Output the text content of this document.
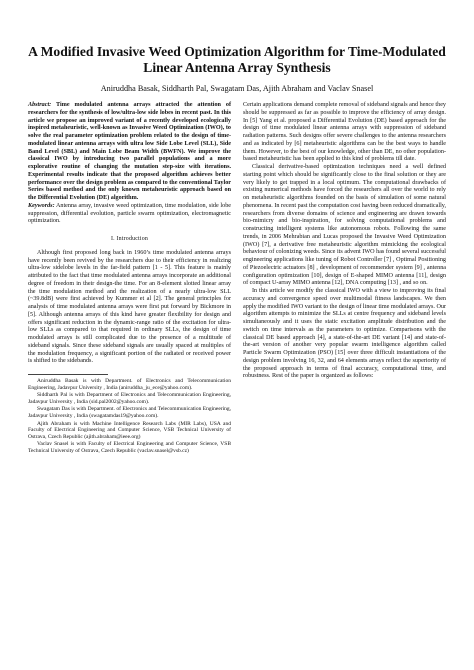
A Modified Invasive Weed Optimization Algorithm for Time-Modulated Linear Antenna Array Synthesis
Aniruddha Basak, Siddharth Pal, Swagatam Das, Ajith Abraham and Vaclav Snasel

Abstract: Time modulated antenna arrays attracted the attention of researchers for the synthesis of low/ultra-low side lobes in recent past. In this article we propose an improved variant of a recently developed ecologically inspired metaheuristic, well-known as Invasive Weed Optimization (IWO), to solve the real parameter optimization problem related to the design of time-modulated linear antenna arrays with ultra low Side Lobe Level (SLL), Side Band Level (SBL) and Main Lobe Beam Width (BWFN). We improve the classical IWO by introducing two parallel populations and a more explorative routine of changing the mutation step-size with iterations. Experimental results indicate that the proposed algorithm achieves better performance over the design problem as compared to the conventional Taylor Series based method and the only known metaheuristic approach based on the Differential Evolution (DE) algorithm.

Keywords: Antenna array, invasive weed optimization, time modulation, side lobe suppression, differential evolution, particle swarm optimization, electromagnetic optimization.

I. Introduction

Although first proposed long back in 1960’s time modulated antenna arrays have recently been revived by the researchers due to their efficiency in realizing ultra-low sidelobe levels in the far-field pattern [1 - 5]. This feature is mainly attributed to the fact that time modulated antenna arrays incorporate an additional degree of freedom in their design-the time. For an 8-element slotted linear array the time modulation method and the realization of a nearly ultra-low SLL (~39.8dB) were first achieved by Kummer et al [2]. The general principles for analysis of time modulated antenna arrays were first put forward by Bickmore in [5]. Although antenna arrays of this kind have greater flexibility for design and offers significant reduction in the dynamic-range ratio of the excitation for ultra-low SLLs as compared to that required in ordinary SLLs, the design of time modulated arrays is still complicated due to the presence of a multitude of sideband signals. Since these sideband signals are usually spaced at multiples of the modulation frequency, a significant portion of the radiated or received power is shifted to the sidebands.

Aniruddha Basak is with Department. of Electronics and Telecommunication Engineering, Jadavpur University , India (aniruddha_ju_ece@yahoo.com).

Siddharth Pal is with Department of Electronics and Telecommunication Engineering, Jadavpur University , India (sid.pal2002@yahoo.com).

Swagatam Das is with Department. of Electronics and Telecommunication Engineering, Jadavpur University , India (swagatamdas19@yahoo.com).

Ajith Abraham is with Machine Intelligence Research Labs (MIR Labs), USA and Faculty of Electrical Engineering and Computer Science, VSB Technical University of Ostrava, Czech Republic (ajith.abraham@ieee.org)

Vaclav Snasel is with Faculty of Electrical Engineering and Computer Science, VSB Technical University of Ostrava, Czech Republic (vaclav.snasel@vsb.cz)

Certain applications demand complete removal of sideband signals and hence they should be suppressed as far as possible to improve the efficiency of array design. In [5] Yang et al. proposed a Differential Evolution (DE) based approach for the design of time modulated linear antenna arrays with suppression of sideband radiation patterns. Such designs offer severe challenges to the antenna researchers and as indicated by [6] metaheuristic algorithms can be the best ways to handle them. However, to the best of our knowledge, other than DE, no other population-based metaheuristic has been applied to this kind of problems till date.

Classical derivative-based optimization techniques need a well defined starting point which should be significantly close to the final solution or they are very likely to get trapped in a local optimum. The computational drawbacks of existing numerical methods have forced the researchers all over the world to rely on metaheuristic algorithms founded on the basis of simulation of some natural phenomena. In recent past the computation cost having been reduced dramatically, researchers from diverse domains of science and engineering are drawn towards bio-mimicry and bio-inspiration, for solving computational problems and constructing intelligent systems like autonomous robots. Following the same trends, in 2006 Mehrabian and Lucas proposed the Invasive Weed Optimization (IWO) [7], a derivative free metaheuristic algorithm mimicking the ecological behaviour of colonizing weeds. Since its advent IWO has found several successful engineering applications like tuning of Robot Controller [7] , Optimal Positioning of Piezoelectric actuators [8] , development of recommender system [9] , antenna configuration optimization [10], design of E-shaped MIMO antenna [11], design of compact U-array MIMO antenna [12], DNA computing [13] , and so on.

In this article we modify the classical IWO with a view to improving its final accuracy and convergence speed over multimodal fitness landscapes. We then apply the modified IWO variant to the design of linear time modulated arrays. Our algorithm attempts to minimize the SLLs at centre frequency and sideband levels simultaneously and it uses the static excitation amplitude distribution and the switch on time intervals as the parameters to optimize. Comparisons with the classical DE based approach [4], a state-of-the-art DE variant [14] and state-of-the-art version of another very popular swarm intelligence algorithm called Particle Swarm Optimization (PSO) [15] over three difficult instantiations of the design problem involving 16, 32, and 64 elements arrays reflect the superiority of the proposed approach in terms of final accuracy, computational time, and robustness. Rest of the paper is organized as follows:
